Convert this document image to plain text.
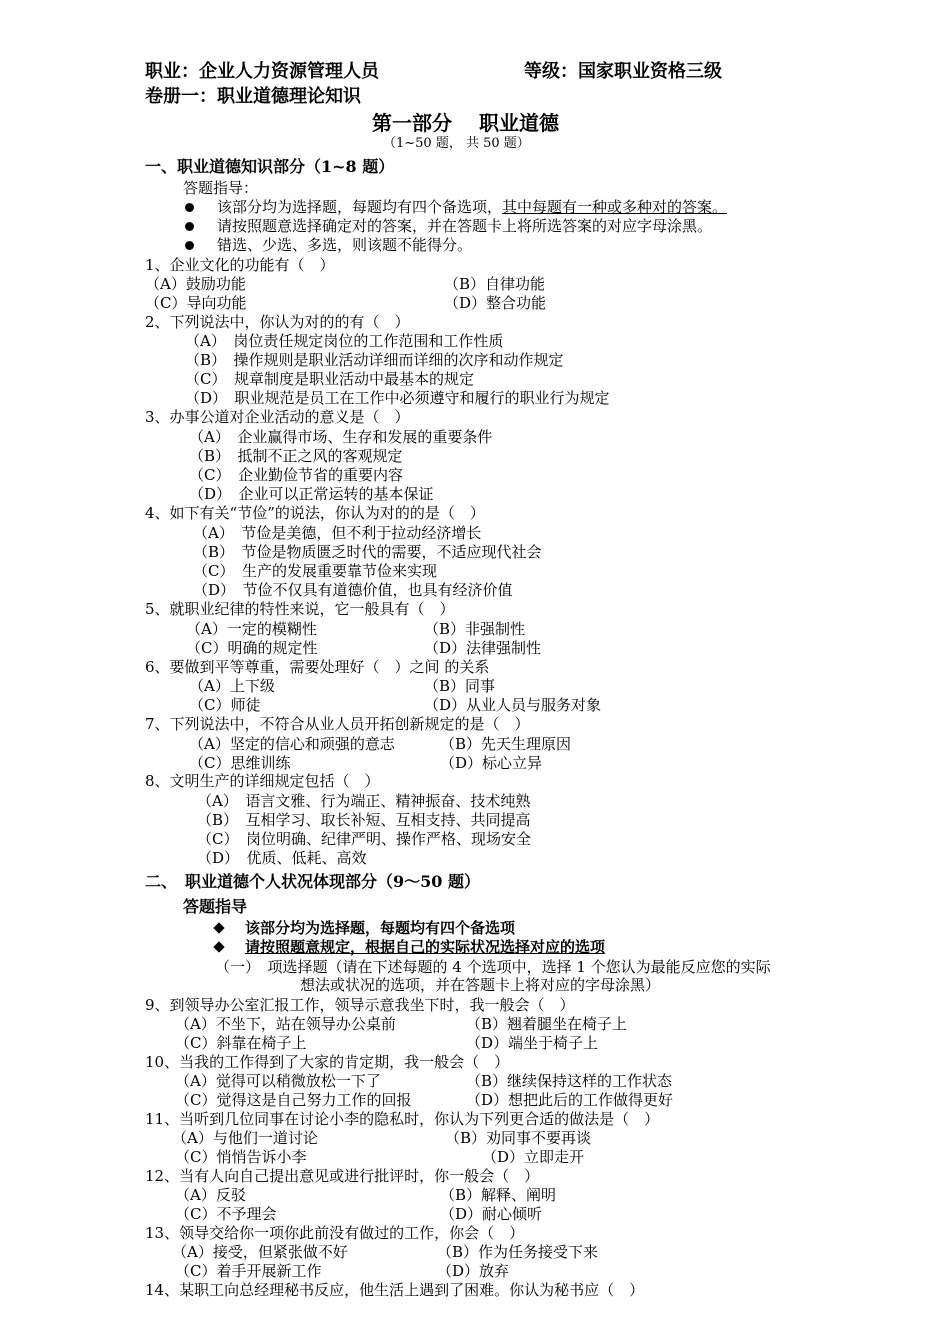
职业：企业人力资源管理人员	等级：国家职业资格三级
卷册一：职业道德理论知识
第一部分　 职业道德
（1~50 题， 共 50 题）
一、职业道德知识部分（1~8 题）
答题指导：
该部分均为选择题，每题均有四个备选项，其中每题有一种或多种对的答案。
请按照题意选择确定对的答案，并在答题卡上将所选答案的对应字母涂黑。
错选、少选、多选，则该题不能得分。
1、企业文化的功能有（　）
（A）鼓励功能	（B）自律功能
（C）导向功能	（D）整合功能
2、下列说法中，你认为对的的有（　）
（A）　岗位责任规定岗位的工作范围和工作性质
（B）　操作规则是职业活动详细而详细的次序和动作规定
（C）　规章制度是职业活动中最基本的规定
（D）　职业规范是员工在工作中必须遵守和履行的职业行为规定
3、办事公道对企业活动的意义是（　）
（A）　企业赢得市场、生存和发展的重要条件
（B）　抵制不正之风的客观规定
（C）　企业勤俭节省的重要内容
（D）　企业可以正常运转的基本保证
4、如下有关“节俭”的说法，你认为对的的是（　）
（A）　节俭是美德，但不利于拉动经济增长
（B）　节俭是物质匮乏时代的需要，不适应现代社会
（C）　生产的发展重要靠节俭来实现
（D）　节俭不仅具有道德价值，也具有经济价值
5、就职业纪律的特性来说，它一般具有（　）
（A）一定的模糊性	（B）非强制性
（C）明确的规定性	（D）法律强制性
6、要做到平等尊重，需要处理好（　）之间 的关系
（A）上下级	（B）同事
（C）师徒	（D）从业人员与服务对象
7、下列说法中，不符合从业人员开拓创新规定的是（　）
（A）坚定的信心和顽强的意志	（B）先天生理原因
（C）思维训练	（D）标心立异
8、文明生产的详细规定包括（　）
（A）　语言文雅、行为端正、精神振奋、技术纯熟
（B）　互相学习、取长补短、互相支持、共同提高
（C）　岗位明确、纪律严明、操作严格、现场安全
（D）　优质、低耗、高效
二、　职业道德个人状况体现部分（9～50 题）
答题指导
该部分均为选择题，每题均有四个备选项
请按照题意规定，根据自己的实际状况选择对应的选项
（一）　项选择题（请在下述每题的 4 个选项中，选择 1 个您认为最能反应您的实际
想法或状况的选项，并在答题卡上将对应的字母涂黑）
9、到领导办公室汇报工作，领导示意我坐下时，我一般会（　）
（A）不坐下，站在领导办公桌前	（B）翘着腿坐在椅子上
（C）斜靠在椅子上	（D）端坐于椅子上
10、当我的工作得到了大家的肯定期，我一般会（　）
（A）觉得可以稍微放松一下了	（B）继续保持这样的工作状态
（C）觉得这是自己努力工作的回报	（D）想把此后的工作做得更好
11、当听到几位同事在讨论小李的隐私时，你认为下列更合适的做法是（　）
（A）与他们一道讨论	（B）劝同事不要再谈
（C）悄悄告诉小李	（D）立即走开
12、当有人向自己提出意见或进行批评时，你一般会（　）
（A）反驳	（B）解释、阐明
（C）不予理会	（D）耐心倾听
13、领导交给你一项你此前没有做过的工作，你会（　）
（A）接受，但紧张做不好	（B）作为任务接受下来
（C）着手开展新工作	（D）放弃
14、某职工向总经理秘书反应，他生活上遇到了困难。你认为秘书应（　）
